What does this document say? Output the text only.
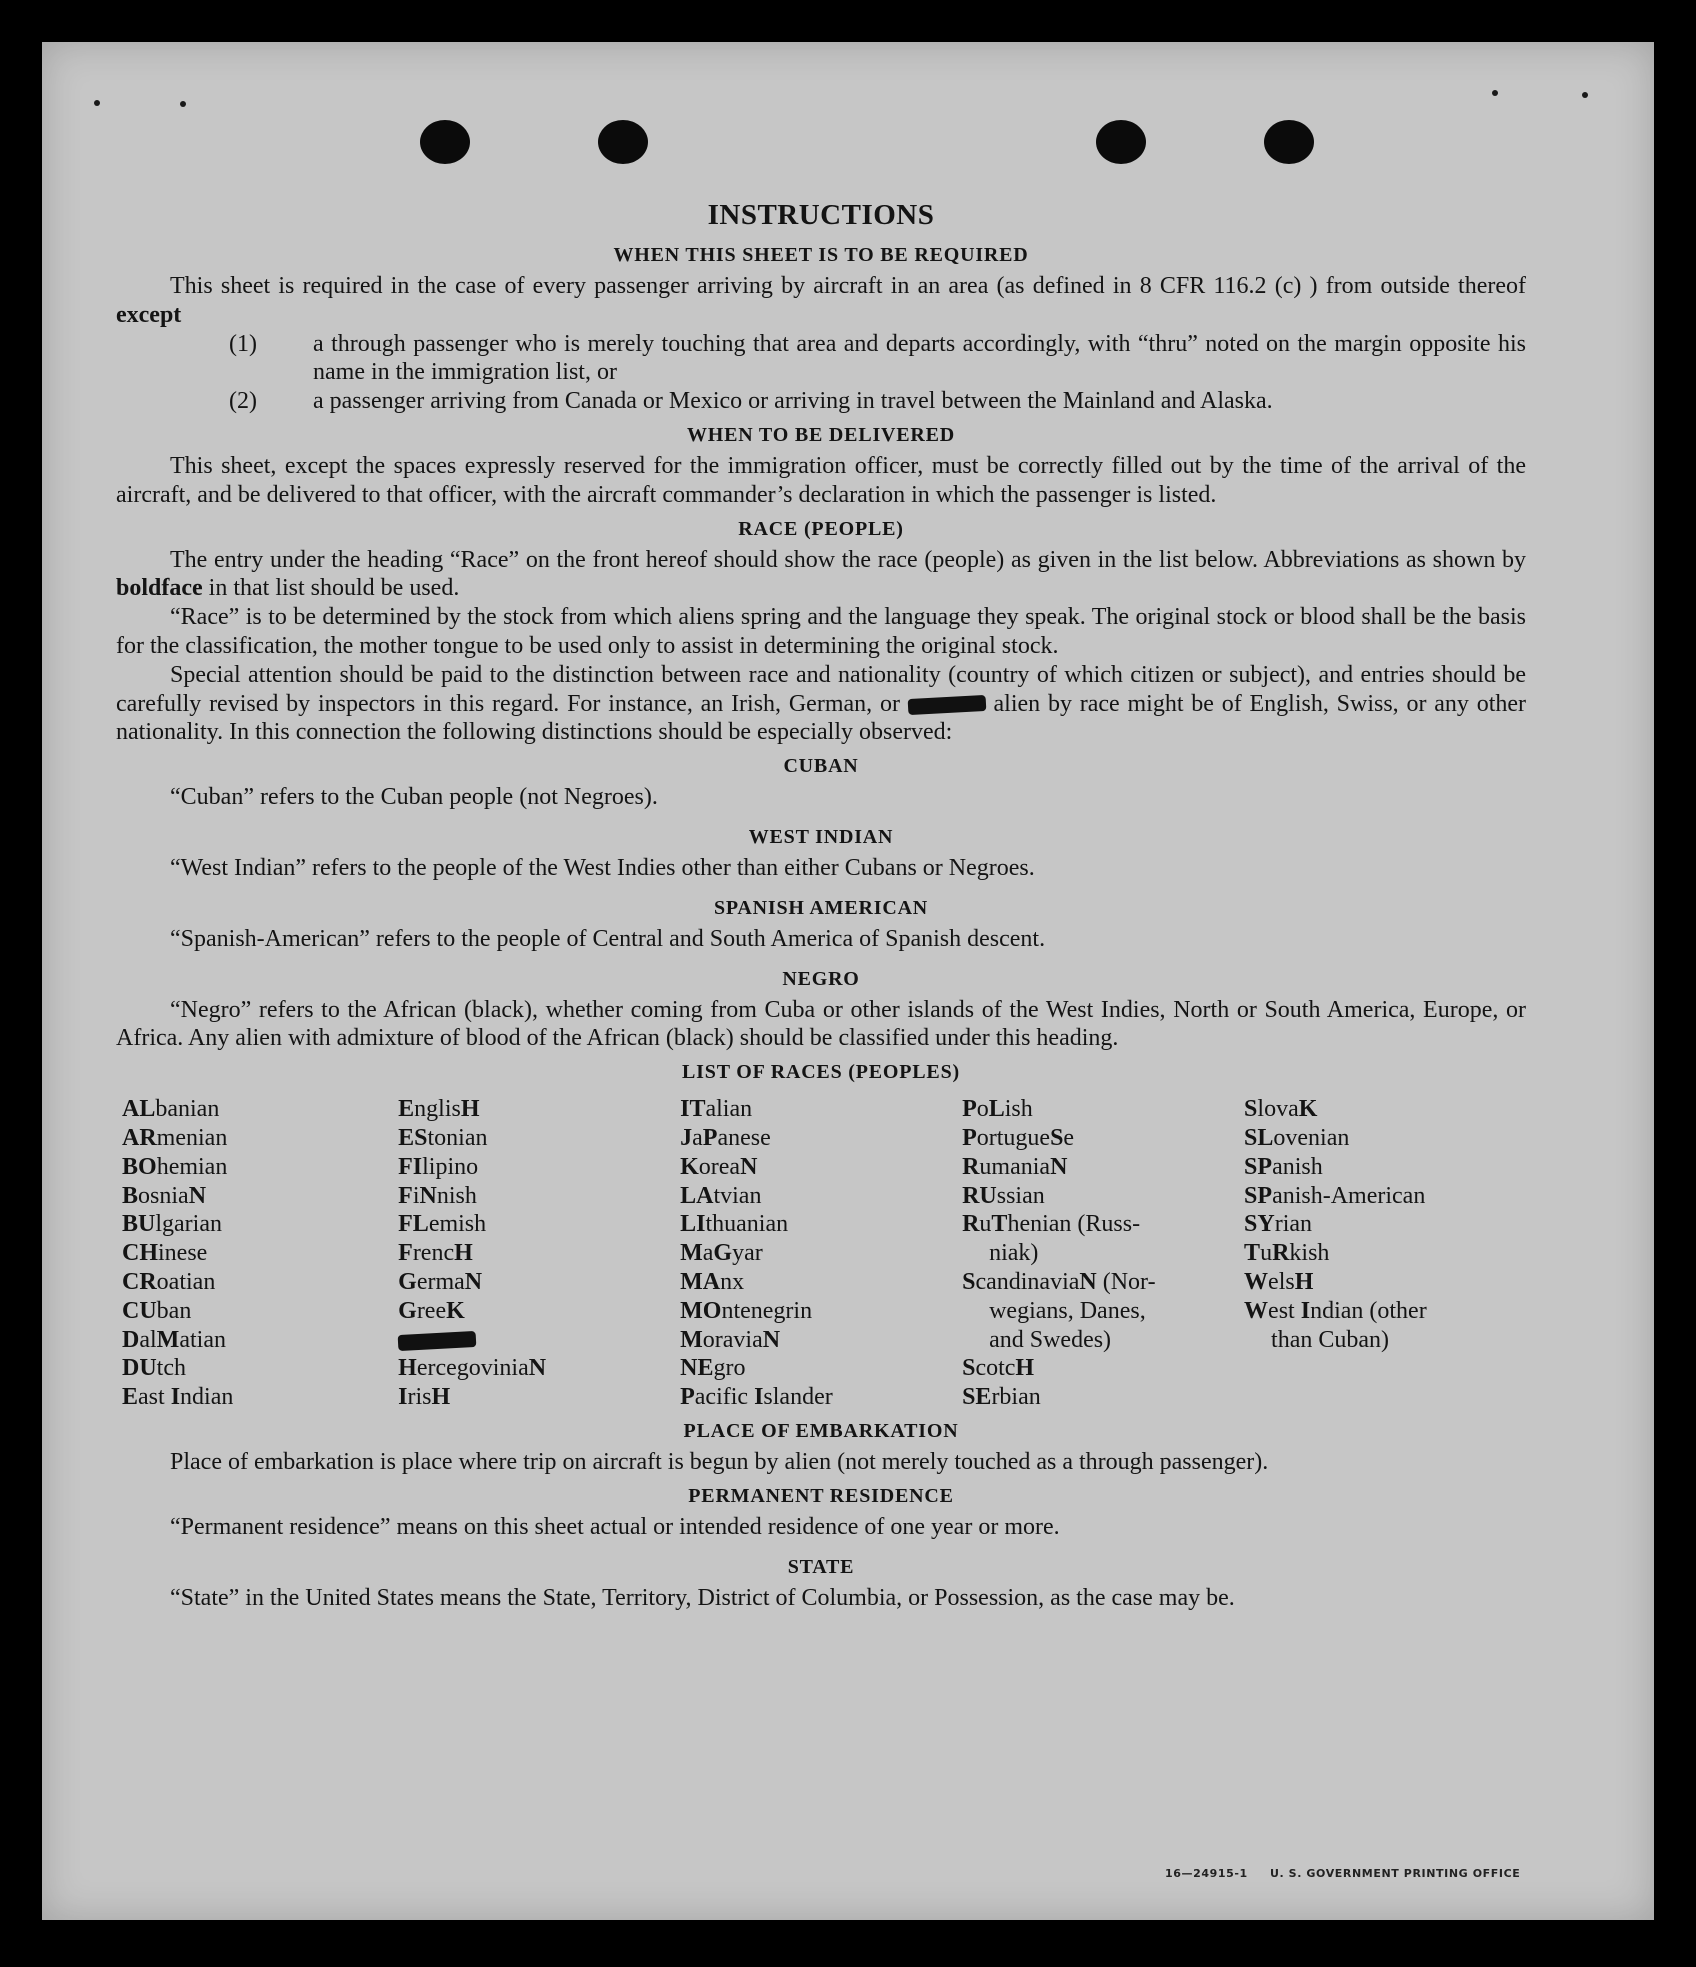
INSTRUCTIONS
WHEN THIS SHEET IS TO BE REQUIRED

This sheet is required in the case of every passenger arriving by aircraft in an area (as defined in 8 CFR 116.2 (c) ) from outside thereof except

(1) a through passenger who is merely touching that area and departs accordingly, with “thru” noted on the margin opposite his name in the immigration list, or
(2) a passenger arriving from Canada or Mexico or arriving in travel between the Mainland and Alaska.
WHEN TO BE DELIVERED

This sheet, except the spaces expressly reserved for the immigration officer, must be correctly filled out by the time of the arrival of the aircraft, and be delivered to that officer, with the aircraft commander’s declaration in which the passenger is listed.

RACE (PEOPLE)

The entry under the heading “Race” on the front hereof should show the race (people) as given in the list below. Abbreviations as shown by boldface in that list should be used.

“Race” is to be determined by the stock from which aliens spring and the language they speak. The original stock or blood shall be the basis for the classification, the mother tongue to be used only to assist in determining the original stock.

Special attention should be paid to the distinction between race and nationality (country of which citizen or subject), and entries should be carefully revised by inspectors in this regard. For instance, an Irish, German, or	alien by race might be of English, Swiss, or any other nationality. In this connection the following distinctions should be especially observed:

CUBAN

“Cuban” refers to the Cuban people (not Negroes).

WEST INDIAN

“West Indian” refers to the people of the West Indies other than either Cubans or Negroes.

SPANISH AMERICAN

“Spanish-American” refers to the people of Central and South America of Spanish descent.

NEGRO

“Negro” refers to the African (black), whether coming from Cuba or other islands of the West Indies, North or South America, Europe, or Africa. Any alien with admixture of blood of the African (black) should be classified under this heading.

LIST OF RACES (PEOPLES)
ALbanian
ARmenian
BOhemian
BosniaN
BUlgarian
CHinese
CRoatian
CUban
DalMatian
DUtch
East Indian
EnglisH
EStonian
FIlipino
FiNnish
FLemish
FrencH
GermaN
GreeK
HercegoviniaN
IrisH
ITalian
JaPanese
KoreaN
LAtvian
LIthuanian
MaGyar
MAnx
MOntenegrin
MoraviaN
NEgro
Pacific Islander
PoLish
PortugueSe
RumaniaN
RUssian
RuThenian (Russ-
niak)
ScandinaviaN (Nor-
wegians, Danes,
and Swedes)
ScotcH
SErbian
SlovaK
SLovenian
SPanish
SPanish-American
SYrian
TuRkish
WelsH
West Indian (other
than Cuban)
PLACE OF EMBARKATION

Place of embarkation is place where trip on aircraft is begun by alien (not merely touched as a through passenger).

PERMANENT RESIDENCE

“Permanent residence” means on this sheet actual or intended residence of one year or more.

STATE

“State” in the United States means the State, Territory, District of Columbia, or Possession, as the case may be.

16—24915-1     U. S. GOVERNMENT PRINTING OFFICE
